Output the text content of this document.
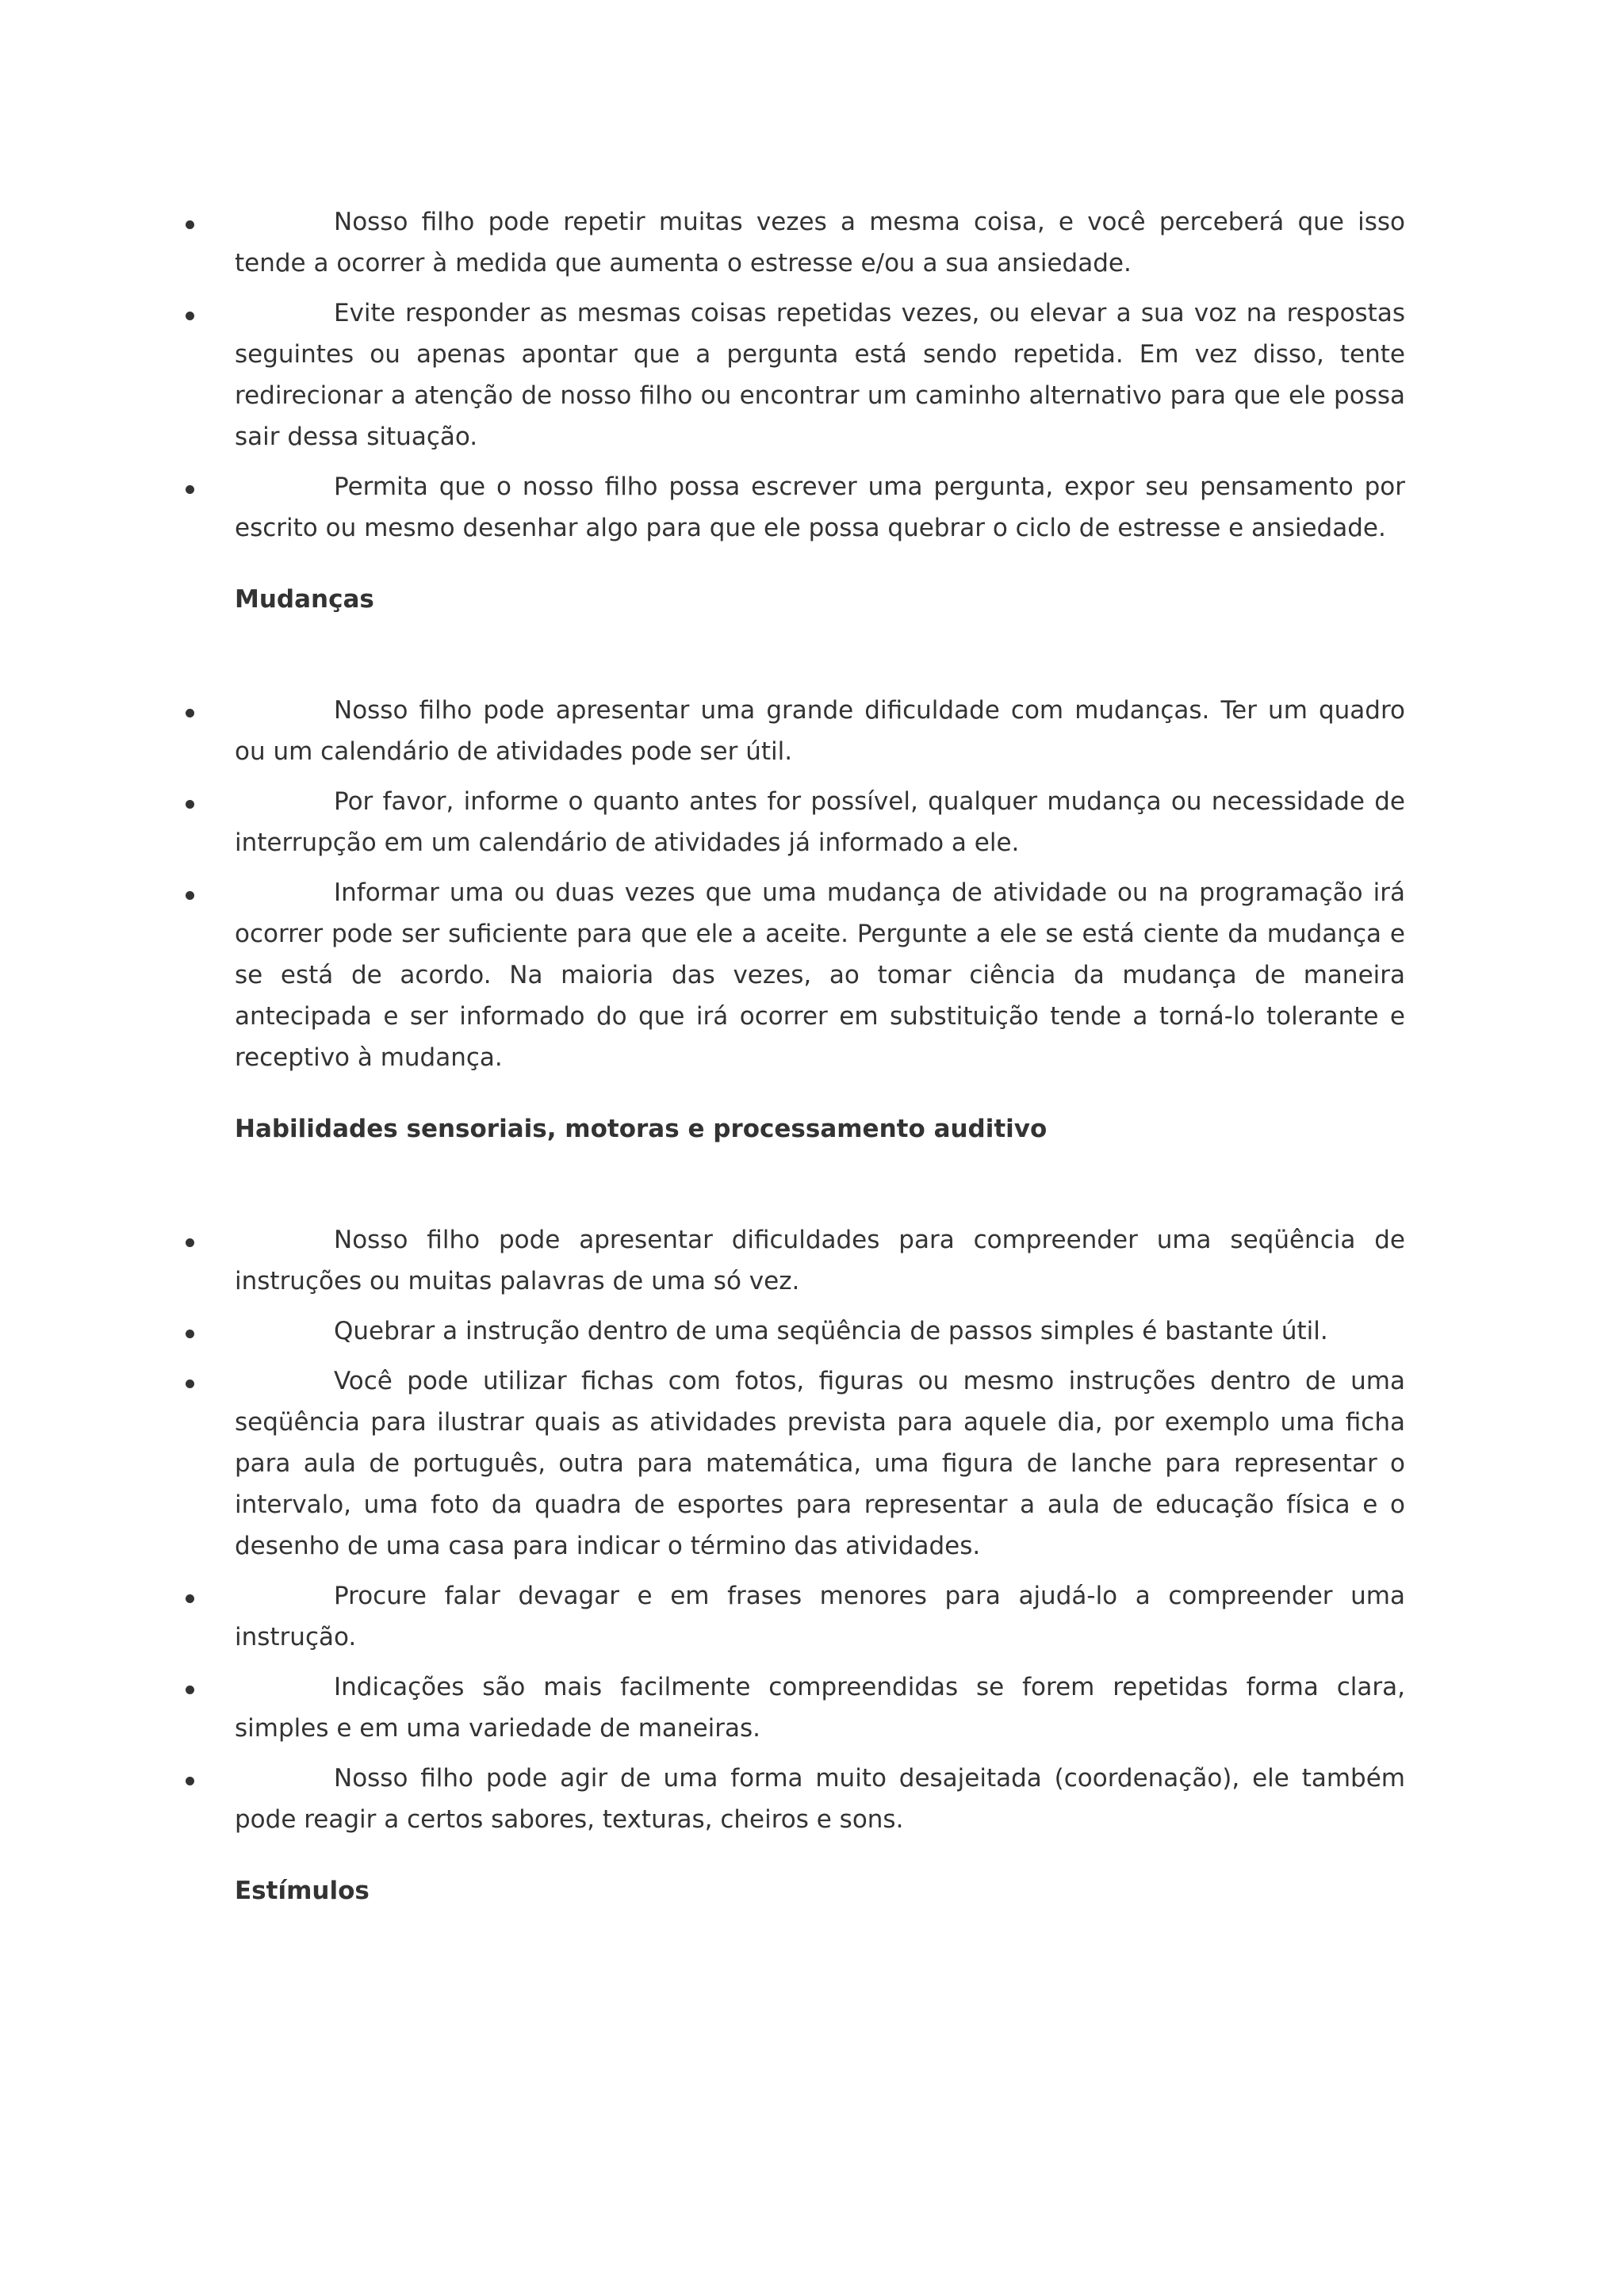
Nosso filho pode repetir muitas vezes a mesma coisa, e você perceberá que isso tende a ocorrer à medida que aumenta o estresse e/ou a sua ansiedade.
Evite responder as mesmas coisas repetidas vezes, ou elevar a sua voz na respostas seguintes ou apenas apontar que a pergunta está sendo repetida. Em vez disso, tente redirecionar a atenção de nosso filho ou encontrar um caminho alternativo para que ele possa sair dessa situação.
Permita que o nosso filho possa escrever uma pergunta, expor seu pensamento por escrito ou mesmo desenhar algo para que ele possa quebrar o ciclo de estresse e ansiedade.
Mudanças
Nosso filho pode apresentar uma grande dificuldade com mudanças. Ter um quadro ou um calendário de atividades pode ser útil.
Por favor, informe o quanto antes for possível, qualquer mudança ou necessidade de interrupção em um calendário de atividades já informado a ele.
Informar uma ou duas vezes que uma mudança de atividade ou na programação irá ocorrer pode ser suficiente para que ele a aceite. Pergunte a ele se está ciente da mudança e se está de acordo. Na maioria das vezes, ao tomar ciência da mudança de maneira antecipada e ser informado do que irá ocorrer em substituição tende a torná-lo tolerante e receptivo à mudança.
Habilidades sensoriais, motoras e processamento auditivo
Nosso filho pode apresentar dificuldades para compreender uma seqüência de instruções ou muitas palavras de uma só vez.
Quebrar a instrução dentro de uma seqüência de passos simples é bastante útil.
Você pode utilizar fichas com fotos, figuras ou mesmo instruções dentro de uma seqüência para ilustrar quais as atividades prevista para aquele dia, por exemplo uma ficha para aula de português, outra para matemática, uma figura de lanche para representar o intervalo, uma foto da quadra de esportes para representar a aula de educação física e o desenho de uma casa para indicar o término das atividades.
Procure falar devagar e em frases menores para ajudá-lo a compreender uma instrução.
Indicações são mais facilmente compreendidas se forem repetidas forma clara, simples e em uma variedade de maneiras.
Nosso filho pode agir de uma forma muito desajeitada (coordenação), ele também pode reagir a certos sabores, texturas, cheiros e sons.
Estímulos
